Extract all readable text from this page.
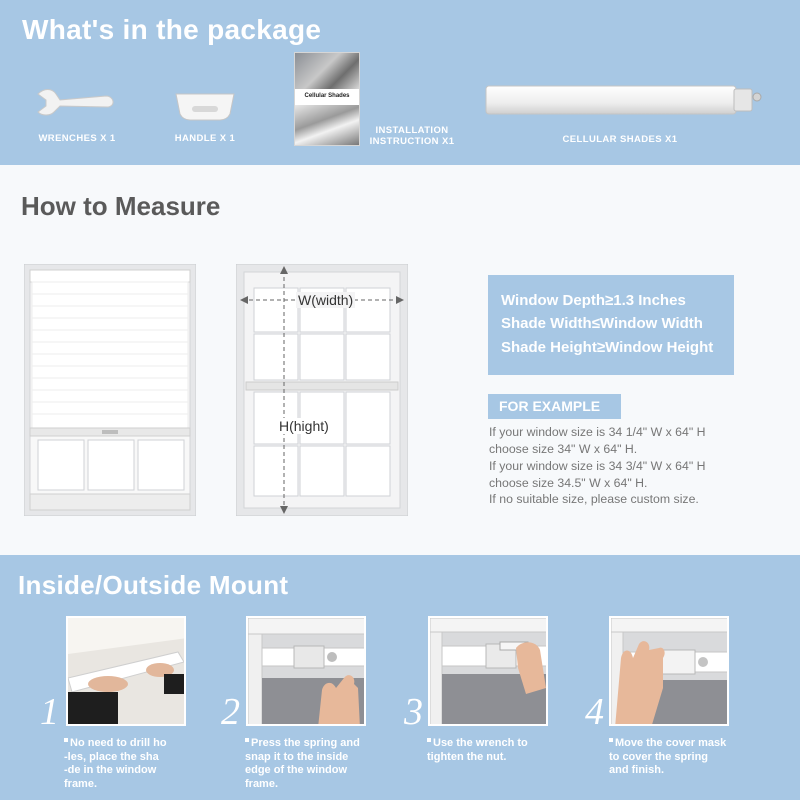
What's in the package
WRENCHES X 1	HANDLE X 1
Cellular Shades
INSTALLATION
INSTRUCTION X1	CELLULAR SHADES X1
How to Measure
W(width)
H(hight)
Window Depth≥1.3 Inches
Shade Width≤Window Width
Shade Height≥Window Height
FOR EXAMPLE
If your window size is 34 1/4" W x 64" H
choose size 34" W x 64" H.
If your window size is 34 3/4" W x 64" H
choose size 34.5" W x 64" H.
If no suitable size, please custom size.
Inside/Outside Mount
1
No need to drill ho
-les, place the sha
-de in the window
frame.
2
Press the spring and
snap it to the inside
edge of the window
frame.
3
Use the wrench to
tighten the nut.
4
Move the cover mask
to cover the spring
and finish.
